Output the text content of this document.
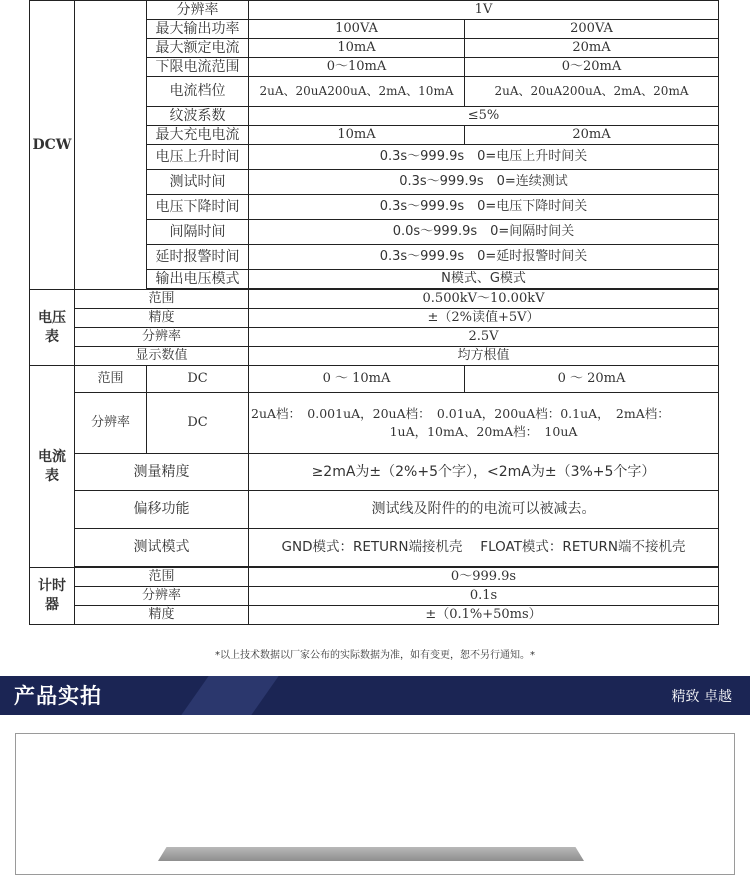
DCW		分辨率	1V	
		最大输出功率	100VA	200VA
		最大额定电流	10mA	20mA
		下限电流范围	0～10mA	0～20mA
		电流档位	2uA、20uA200uA、2mA、10mA	2uA、20uA200uA、2mA、20mA
		纹波系数	≤5%	
		最大充电电流	10mA	20mA
		电压上升时间	0.3s～999.9s　0=电压上升时间关	
		测试时间	0.3s～999.9s　0=连续测试	
		电压下降时间	0.3s～999.9s　0=电压下降时间关	
		间隔时间	0.0s～999.9s　0=间隔时间关	
		延时报警时间	0.3s～999.9s　0=延时报警时间关	
		输出电压模式	N模式、G模式	

电压表	范围		0.500kV～10.00kV	
	精度		±（2%读值+5V）	
	分辨率		2.5V	
	显示数值		均方根值	
电流表	范围	DC	0 ～ 10mA	0 ～ 20mA
	分辨率	DC	2uA档：　0.001uA，20uA档：　0.01uA，200uA档：0.1uA，　2mA档：
1uA，10mA、20mA档：　10uA	

	测量精度		≥2mA为±（2%+5个字），<2mA为±（3%+5个字）	
	偏移功能		测试线及附件的的电流可以被减去。	
	测试模式		GND模式：RETURN端接机壳　 FLOAT模式：RETURN端不接机壳	

计时器	范围		0～999.9s	
	分辨率		0.1s	
	精度		±（0.1%+50ms）	
*以上技术数据以厂家公布的实际数据为准，如有变更，恕不另行通知。*
产品实拍	精致 卓越
